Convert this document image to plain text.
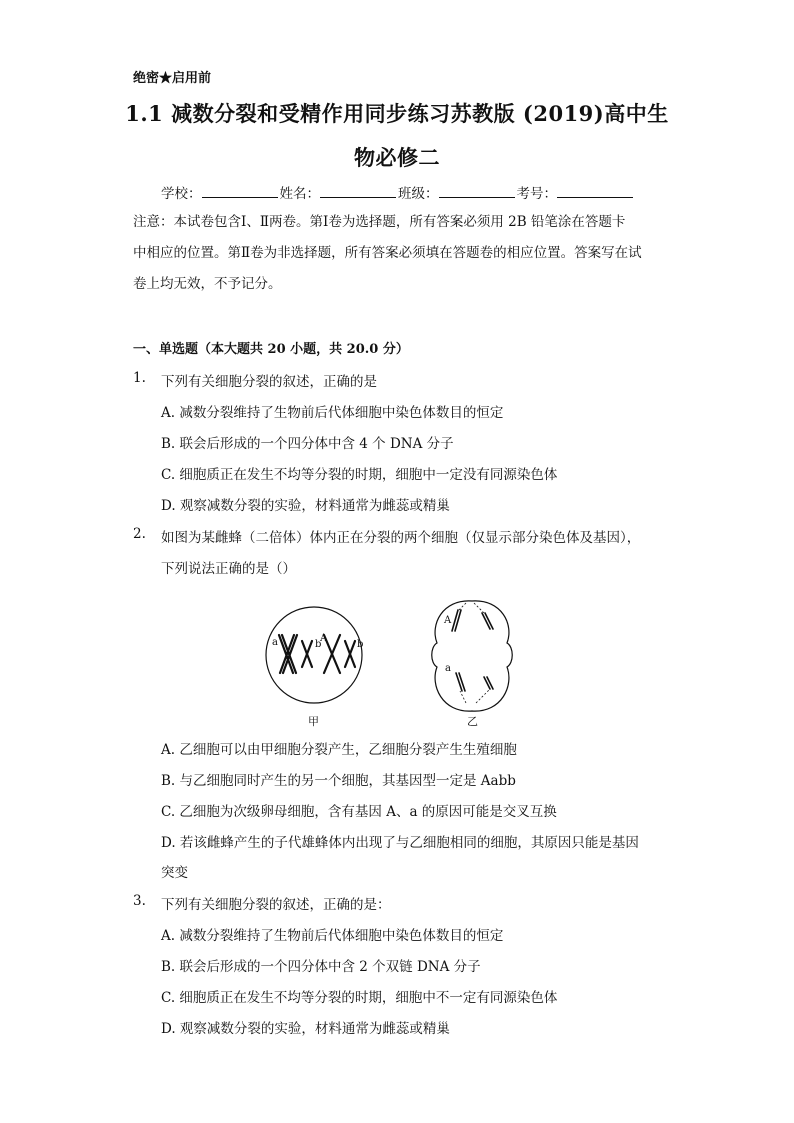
绝密★启用前
1.1 减数分裂和受精作用同步练习苏教版 (2019)高中生
物必修二
学校：	姓名：	班级：	考号：
注意：本试卷包含Ⅰ、Ⅱ两卷。第Ⅰ卷为选择题，所有答案必须用 2B 铅笔涂在答题卡
中相应的位置。第Ⅱ卷为非选择题，所有答案必须填在答题卷的相应位置。答案写在试
卷上均无效，不予记分。
一、单选题（本大题共 20 小题，共 20.0 分）
1.	下列有关细胞分裂的叙述，正确的是
A. 减数分裂维持了生物前后代体细胞中染色体数目的恒定
B. 联会后形成的一个四分体中含 4 个 DNA 分子
C. 细胞质正在发生不均等分裂的时期，细胞中一定没有同源染色体
D. 观察减数分裂的实验，材料通常为雌蕊或精巢
2.	如图为某雌蜂（二倍体）体内正在分裂的两个细胞（仅显示部分染色体及基因），
下列说法正确的是（）
a	b
A
b
甲
A
a
乙
A. 乙细胞可以由甲细胞分裂产生，乙细胞分裂产生生殖细胞
B. 与乙细胞同时产生的另一个细胞，其基因型一定是 Aabb
C. 乙细胞为次级卵母细胞，含有基因 A、a 的原因可能是交叉互换
D. 若该雌蜂产生的子代雄蜂体内出现了与乙细胞相同的细胞，其原因只能是基因
突变
3.	下列有关细胞分裂的叙述，正确的是：
A. 减数分裂维持了生物前后代体细胞中染色体数目的恒定
B. 联会后形成的一个四分体中含 2 个双链 DNA 分子
C. 细胞质正在发生不均等分裂的时期，细胞中不一定有同源染色体
D. 观察减数分裂的实验，材料通常为雌蕊或精巢
